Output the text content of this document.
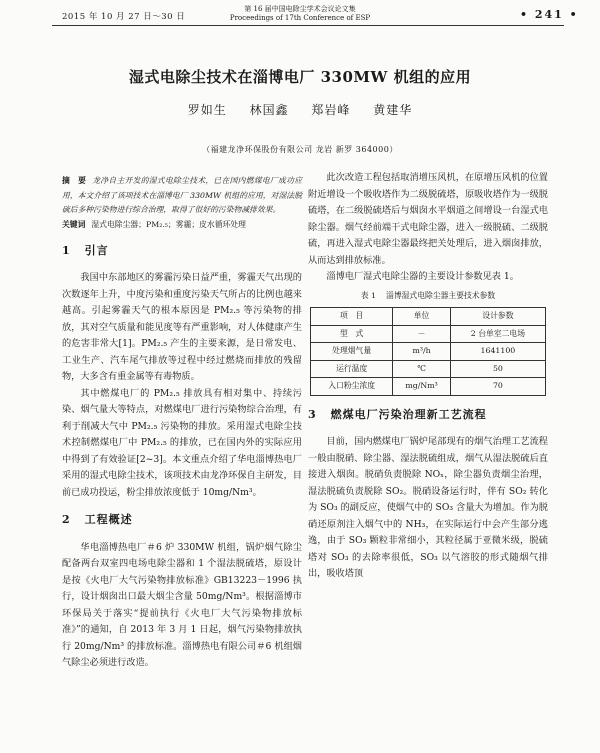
2015 年 10 月 27 日～30 日
第 16 届中国电除尘学术会议论文集
Proceedings of 17th Conference of ESP	• 241 •
湿式电除尘技术在淄博电厂 330MW 机组的应用
罗如生 林国鑫 郑岩峰 黄建华
（福建龙净环保股份有限公司 龙岩 新罗 364000）

摘　要 龙净自主开发的湿式电除尘技术，已在国内燃煤电厂成功应用，本文介绍了该项技术在淄博电厂 330MW 机组的应用，对湿法脱硫后多种污染物进行综合治理，取得了很好的污染物减排效果。

关键词 湿式电除尘器；PM₂.₅；雾霾；皮水循环处理

1 引言

我国中东部地区的雾霾污染日益严重，雾霾天气出现的次数逐年上升，中度污染和重度污染天气所占的比例也越来越高。引起雾霾天气的根本原因是 PM₂.₅ 等污染物的排放，其对空气质量和能见度等有严重影响，对人体健康产生的危害非常大[1]。PM₂.₅ 产生的主要来源，是日常发电、工业生产、汽车尾气排放等过程中经过燃烧而排放的残留物，大多含有重金属等有毒物质。

其中燃煤电厂的 PM₂.₅ 排放具有相对集中、持续污染、烟气量大等特点，对燃煤电厂进行污染物综合治理，有利于削减大气中 PM₂.₅ 污染物的排放。采用湿式电除尘技术控制燃煤电厂中 PM₂.₅ 的排放，已在国内外的实际应用中得到了有效验证[2~3]。本文重点介绍了华电淄博热电厂采用的湿式电除尘技术，该项技术由龙净环保自主研发，目前已成功投运，粉尘排放浓度低于 10mg/Nm³。

2 工程概述

华电淄博热电厂＃6 炉 330MW 机组，锅炉烟气除尘配备两台双室四电场电除尘器和 1 个湿法脱硫塔，原设计是按《火电厂大气污染物排放标准》GB13223－1996 执行，设计烟囱出口最大烟尘含量 50mg/Nm³。根据淄博市环保局关于落实“提前执行《火电厂大气污染物排放标准》”的通知，自 2013 年 3 月 1 日起，烟气污染物排放执行 20mg/Nm³ 的排放标准。淄博热电有限公司＃6 机组烟气除尘必须进行改造。

此次改造工程包括取消增压风机，在原增压风机的位置附近增设一个吸收塔作为二级脱硫塔，原吸收塔作为一级脱硫塔，在二级脱硫塔后与烟囱水平烟道之间增设一台湿式电除尘器。烟气经前端干式电除尘器，进入一级脱硫、二级脱硫，再进入湿式电除尘器最终把关处理后，进入烟囱排放，从而达到排放标准。

淄博电厂湿式电除尘器的主要设计参数见表 1。

表 1 淄博湿式电除尘器主要技术参数
项　目	单位	设计参数
型　式	－	2 台单室二电场
处理烟气量	m³/h	1641100
运行温度	℃	50
入口粉尘浓度	mg/Nm³	70
3 燃煤电厂污染治理新工艺流程

目前，国内燃煤电厂锅炉尾部现有的烟气治理工艺流程一般由脱硝、除尘器、湿法脱硫组成，烟气从湿法脱硫后直接进入烟囱。脱硝负责脱除 NOₓ，除尘器负责烟尘治理，湿法脱硫负责脱除 SO₂。脱硝设备运行时，伴有 SO₂ 转化为 SO₃ 的副反应，使烟气中的 SO₃ 含量大为增加。作为脱硝还原剂注入烟气中的 NH₃，在实际运行中会产生部分逃逸，由于 SO₃ 颗粒非常细小，其粒径属于亚微米级，脱硫塔对 SO₃ 的去除率很低，SO₃ 以气溶胶的形式随烟气排出，吸收塔顶
